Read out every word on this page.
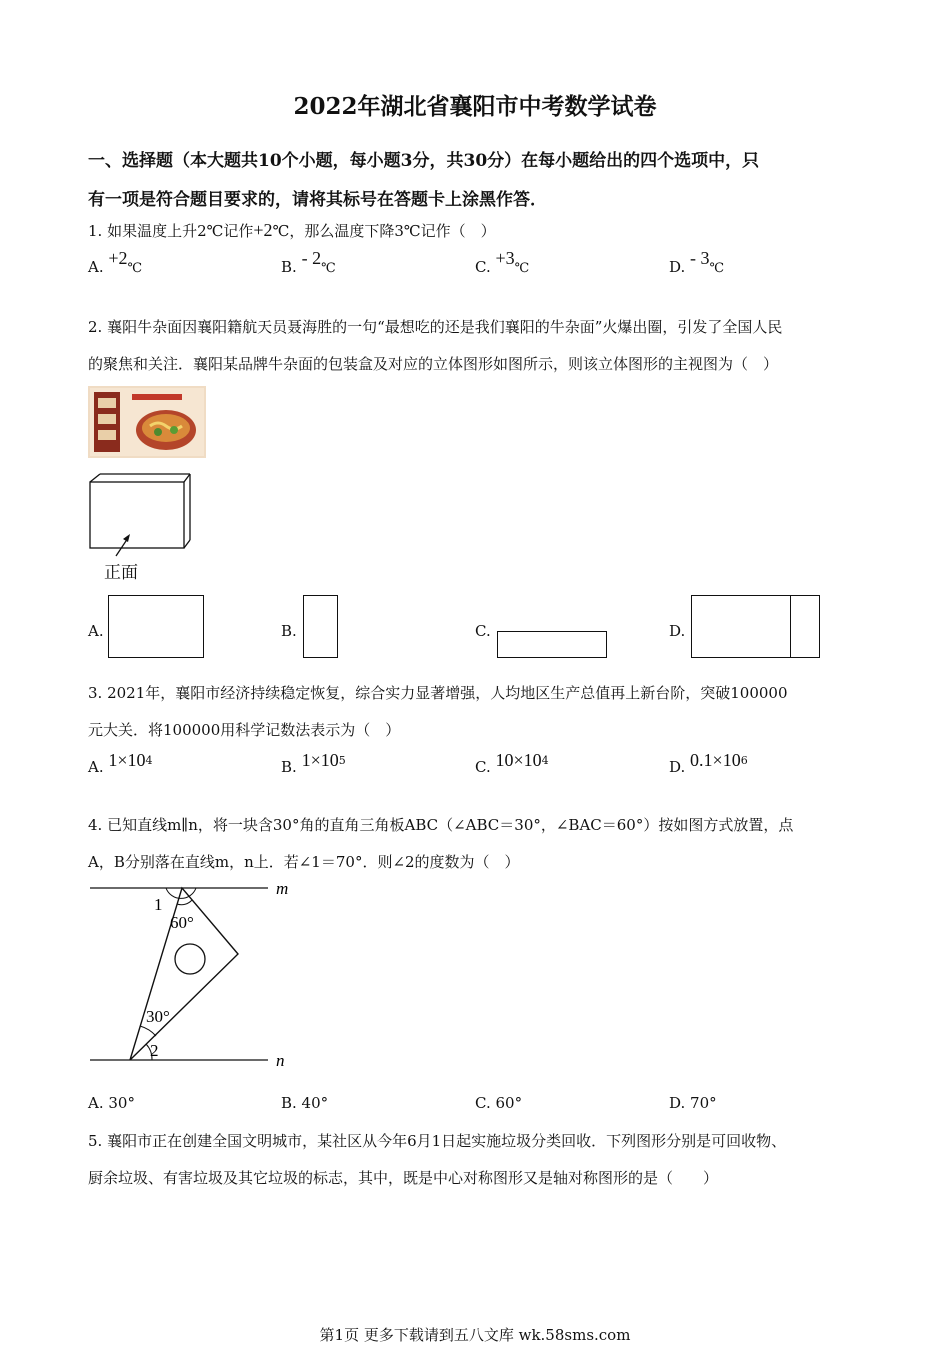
2022年湖北省襄阳市中考数学试卷
一、选择题（本大题共10个小题，每小题3分，共30分）在每小题给出的四个选项中，只
有一项是符合题目要求的，请将其标号在答题卡上涂黑作答．
1. 如果温度上升2℃记作+2℃，那么温度下降3℃记作（　）
A. +2℃	B. - 2℃	C. +3℃	D. - 3℃
2. 襄阳牛杂面因襄阳籍航天员聂海胜的一句“最想吃的还是我们襄阳的牛杂面”火爆出圈，引发了全国人民
的聚焦和关注．襄阳某品牌牛杂面的包装盒及对应的立体图形如图所示，则该立体图形的主视图为（　）
正面
A.	B.	C.	D.
3. 2021年，襄阳市经济持续稳定恢复，综合实力显著增强，人均地区生产总值再上新台阶，突破100000
元大关．将100000用科学记数法表示为（　）
A. $1\times 10^4$	B. $1\times 10^5$	C. $10\times 10^4$	D. $0.1\times 10^6$
4. 已知直线m∥n，将一块含30°角的直角三角板ABC（∠ABC＝30°，∠BAC＝60°）按如图方式放置，点
A，B分别落在直线m，n上．若∠1＝70°．则∠2的度数为（　）
m
n
1
60°
30°
2
A. 30°	B. 40°	C. 60°	D. 70°
5. 襄阳市正在创建全国文明城市，某社区从今年6月1日起实施垃圾分类回收．下列图形分别是可回收物、
厨余垃圾、有害垃圾及其它垃圾的标志，其中，既是中心对称图形又是轴对称图形的是（　　）
第1页 更多下载请到五八文库 wk.58sms.com
